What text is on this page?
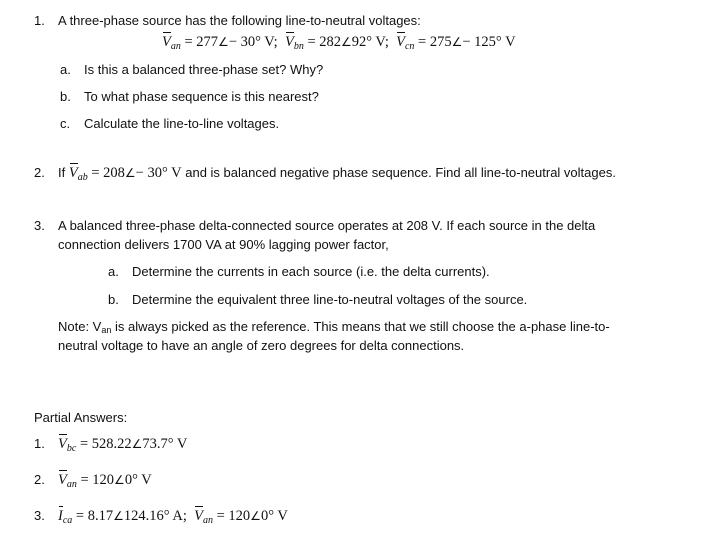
1. A three-phase source has the following line-to-neutral voltages:
$V_{an}$ = 277∠− 30° V; $V_{bn}$ = 282∠92° V; $V_{cn}$ = 275∠− 125° V
a. Is this a balanced three-phase set? Why?
b. To what phase sequence is this nearest?
c. Calculate the line-to-line voltages.
2. If $V_{ab}$ = 208∠− 30° V and is balanced negative phase sequence. Find all line-to-neutral voltages.
3. A balanced three-phase delta-connected source operates at 208 V. If each source in the delta
connection delivers 1700 VA at 90% lagging power factor,
a. Determine the currents in each source (i.e. the delta currents).
b. Determine the equivalent three line-to-neutral voltages of the source.
Note: Van is always picked as the reference. This means that we still choose the a-phase line-to-
neutral voltage to have an angle of zero degrees for delta connections.
Partial Answers:
1. $V_{bc}$ = 528.22∠73.7° V
2. $V_{an}$ = 120∠0° V
3. $I_{ca}$ = 8.17∠124.16° A; $V_{an}$ = 120∠0° V
